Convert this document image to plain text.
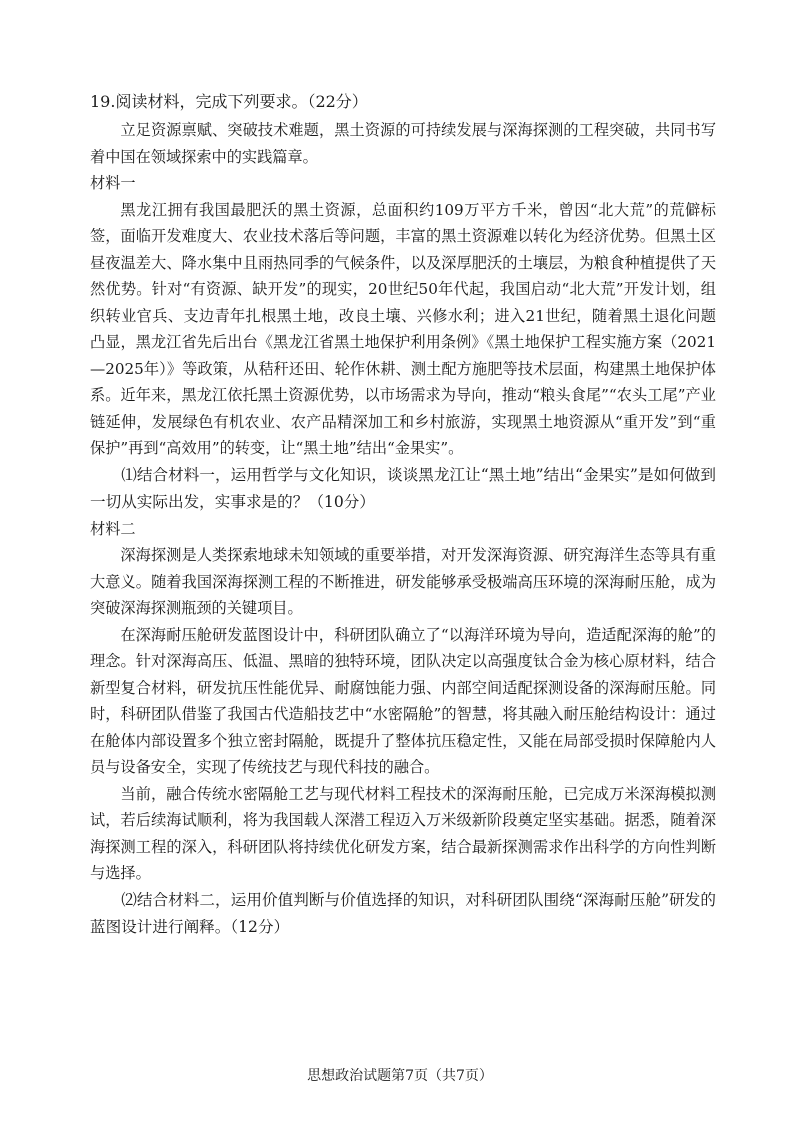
19.阅读材料，完成下列要求。（22分）

立足资源禀赋、突破技术难题，黑土资源的可持续发展与深海探测的工程突破，共同书写着中国在领域探索中的实践篇章。

材料一

黑龙江拥有我国最肥沃的黑土资源，总面积约109万平方千米，曾因“北大荒”的荒僻标签，面临开发难度大、农业技术落后等问题，丰富的黑土资源难以转化为经济优势。但黑土区昼夜温差大、降水集中且雨热同季的气候条件，以及深厚肥沃的土壤层，为粮食种植提供了天然优势。针对“有资源、缺开发”的现实，20世纪50年代起，我国启动“北大荒”开发计划，组织转业官兵、支边青年扎根黑土地，改良土壤、兴修水利；进入21世纪，随着黑土退化问题凸显，黑龙江省先后出台《黑龙江省黑土地保护利用条例》《黑土地保护工程实施方案（2021—2025年）》等政策，从秸秆还田、轮作休耕、测土配方施肥等技术层面，构建黑土地保护体系。近年来，黑龙江依托黑土资源优势，以市场需求为导向，推动“粮头食尾”“农头工尾”产业链延伸，发展绿色有机农业、农产品精深加工和乡村旅游，实现黑土地资源从“重开发”到“重保护”再到“高效用”的转变，让“黑土地”结出“金果实”。

⑴结合材料一，运用哲学与文化知识，谈谈黑龙江让“黑土地”结出“金果实”是如何做到一切从实际出发，实事求是的？（10分）

材料二

深海探测是人类探索地球未知领域的重要举措，对开发深海资源、研究海洋生态等具有重大意义。随着我国深海探测工程的不断推进，研发能够承受极端高压环境的深海耐压舱，成为突破深海探测瓶颈的关键项目。

在深海耐压舱研发蓝图设计中，科研团队确立了“以海洋环境为导向，造适配深海的舱”的理念。针对深海高压、低温、黑暗的独特环境，团队决定以高强度钛合金为核心原材料，结合新型复合材料，研发抗压性能优异、耐腐蚀能力强、内部空间适配探测设备的深海耐压舱。同时，科研团队借鉴了我国古代造船技艺中“水密隔舱”的智慧，将其融入耐压舱结构设计：通过在舱体内部设置多个独立密封隔舱，既提升了整体抗压稳定性，又能在局部受损时保障舱内人员与设备安全，实现了传统技艺与现代科技的融合。

当前，融合传统水密隔舱工艺与现代材料工程技术的深海耐压舱，已完成万米深海模拟测试，若后续海试顺利，将为我国载人深潜工程迈入万米级新阶段奠定坚实基础。据悉，随着深海探测工程的深入，科研团队将持续优化研发方案，结合最新探测需求作出科学的方向性判断与选择。

⑵结合材料二，运用价值判断与价值选择的知识，对科研团队围绕“深海耐压舱”研发的蓝图设计进行阐释。（12分）

思想政治试题第7页（共7页）
